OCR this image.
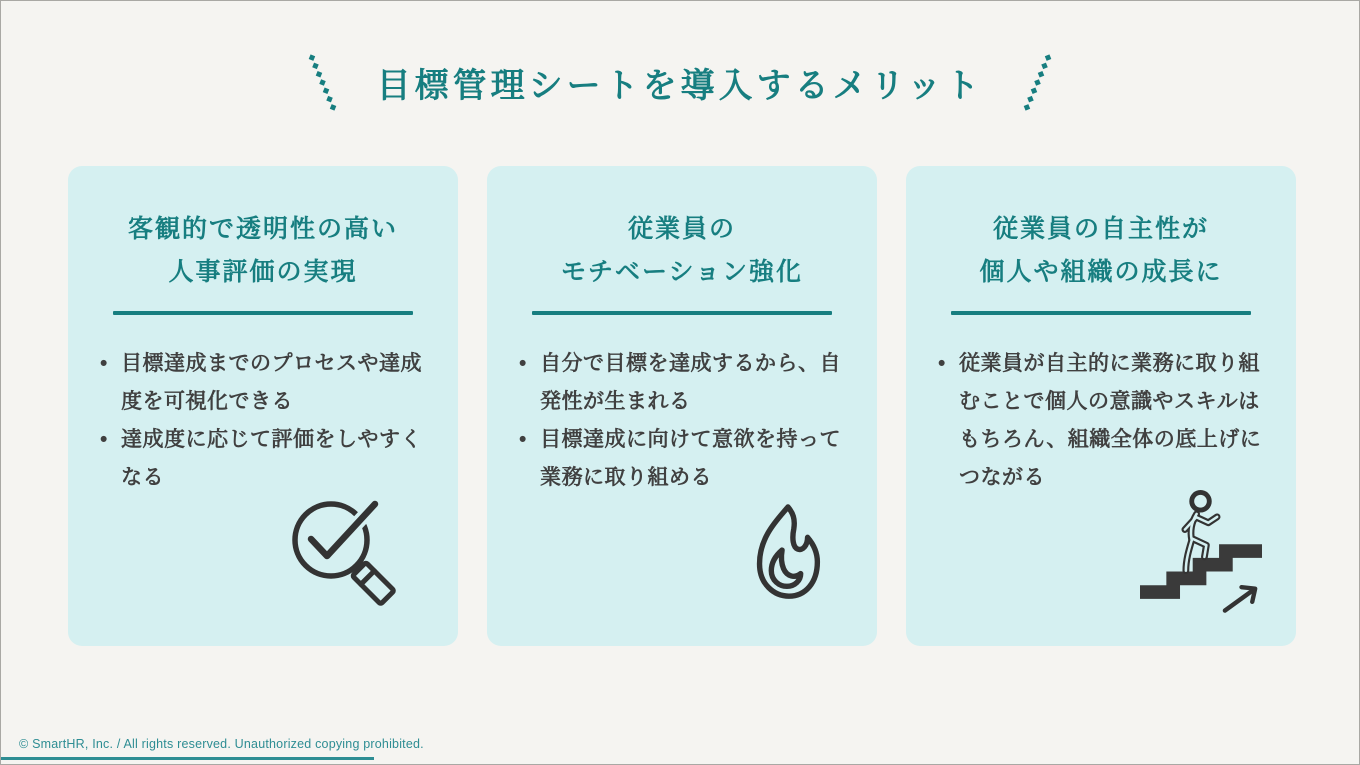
目標管理シートを導入するメリット
客観的で透明性の高い
人事評価の実現
• 目標達成までのプロセスや達成度を可視化できる
• 達成度に応じて評価をしやすくなる
従業員の
モチベーション強化
• 自分で目標を達成するから、自発性が生まれる
• 目標達成に向けて意欲を持って業務に取り組める
従業員の自主性が
個人や組織の成長に
• 従業員が自主的に業務に取り組むことで個人の意識やスキルはもちろん、組織全体の底上げにつながる
© SmartHR, Inc. / All rights reserved. Unauthorized copying prohibited.
